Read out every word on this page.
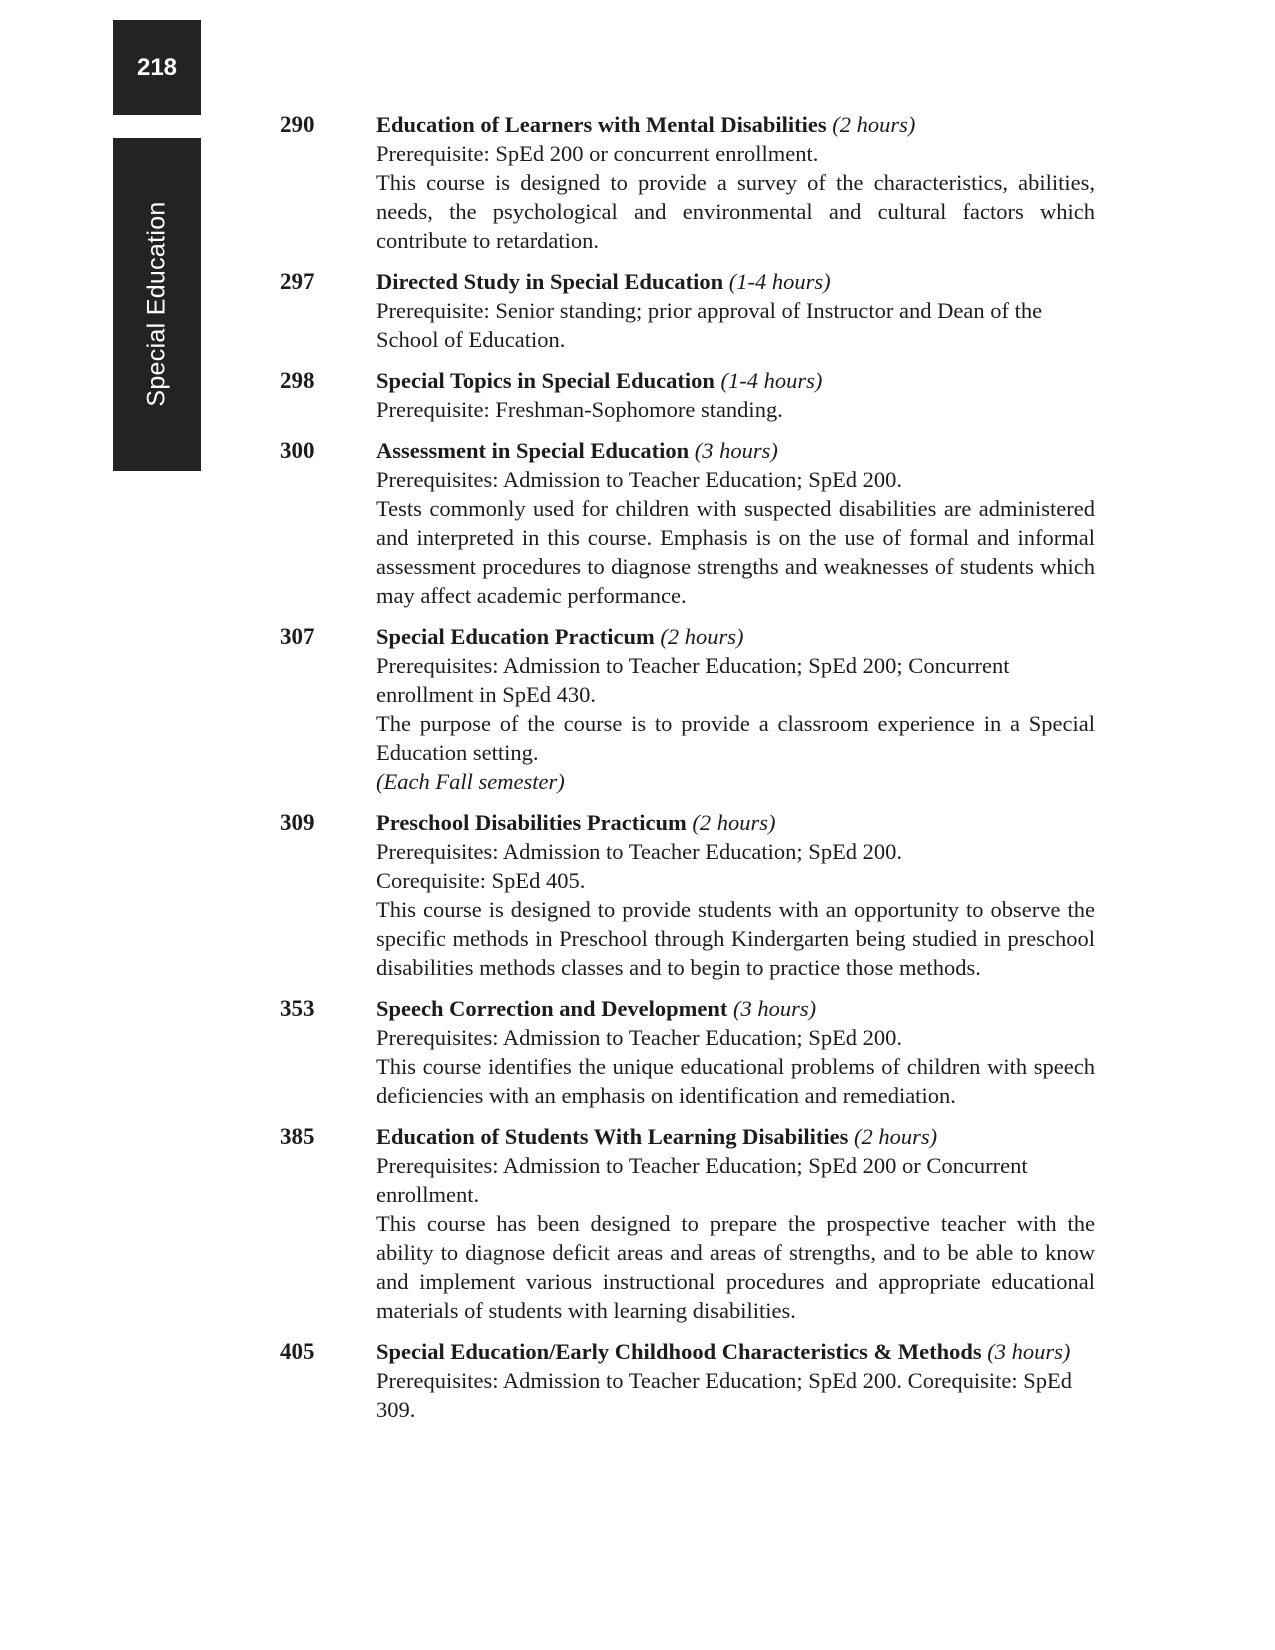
218
Special Education
290	Education of Learners with Mental Disabilities (2 hours)
Prerequisite: SpEd 200 or concurrent enrollment.
This course is designed to provide a survey of the characteristics, abilities, needs, the psychological and environmental and cultural factors which contribute to retardation.
297	Directed Study in Special Education (1-4 hours)
Prerequisite: Senior standing; prior approval of Instructor and Dean of the School of Education.
298	Special Topics in Special Education (1-4 hours)
Prerequisite: Freshman-Sophomore standing.
300	Assessment in Special Education (3 hours)
Prerequisites: Admission to Teacher Education; SpEd 200.
Tests commonly used for children with suspected disabilities are administered and interpreted in this course. Emphasis is on the use of formal and informal assessment procedures to diagnose strengths and weaknesses of students which may affect academic performance.
307	Special Education Practicum (2 hours)
Prerequisites: Admission to Teacher Education; SpEd 200; Concurrent enrollment in SpEd 430.
The purpose of the course is to provide a classroom experience in a Special Education setting.
(Each Fall semester)
309	Preschool Disabilities Practicum (2 hours)
Prerequisites: Admission to Teacher Education; SpEd 200.
Corequisite: SpEd 405.
This course is designed to provide students with an opportunity to observe the specific methods in Preschool through Kindergarten being studied in preschool disabilities methods classes and to begin to practice those methods.
353	Speech Correction and Development (3 hours)
Prerequisites: Admission to Teacher Education; SpEd 200.
This course identifies the unique educational problems of children with speech deficiencies with an emphasis on identification and remediation.
385	Education of Students With Learning Disabilities (2 hours)
Prerequisites: Admission to Teacher Education; SpEd 200 or Concurrent enrollment.
This course has been designed to prepare the prospective teacher with the ability to diagnose deficit areas and areas of strengths, and to be able to know and implement various instructional procedures and appropriate educational materials of students with learning disabilities.
405	Special Education/Early Childhood Characteristics & Methods (3 hours)
Prerequisites: Admission to Teacher Education; SpEd 200. Corequisite: SpEd 309.
